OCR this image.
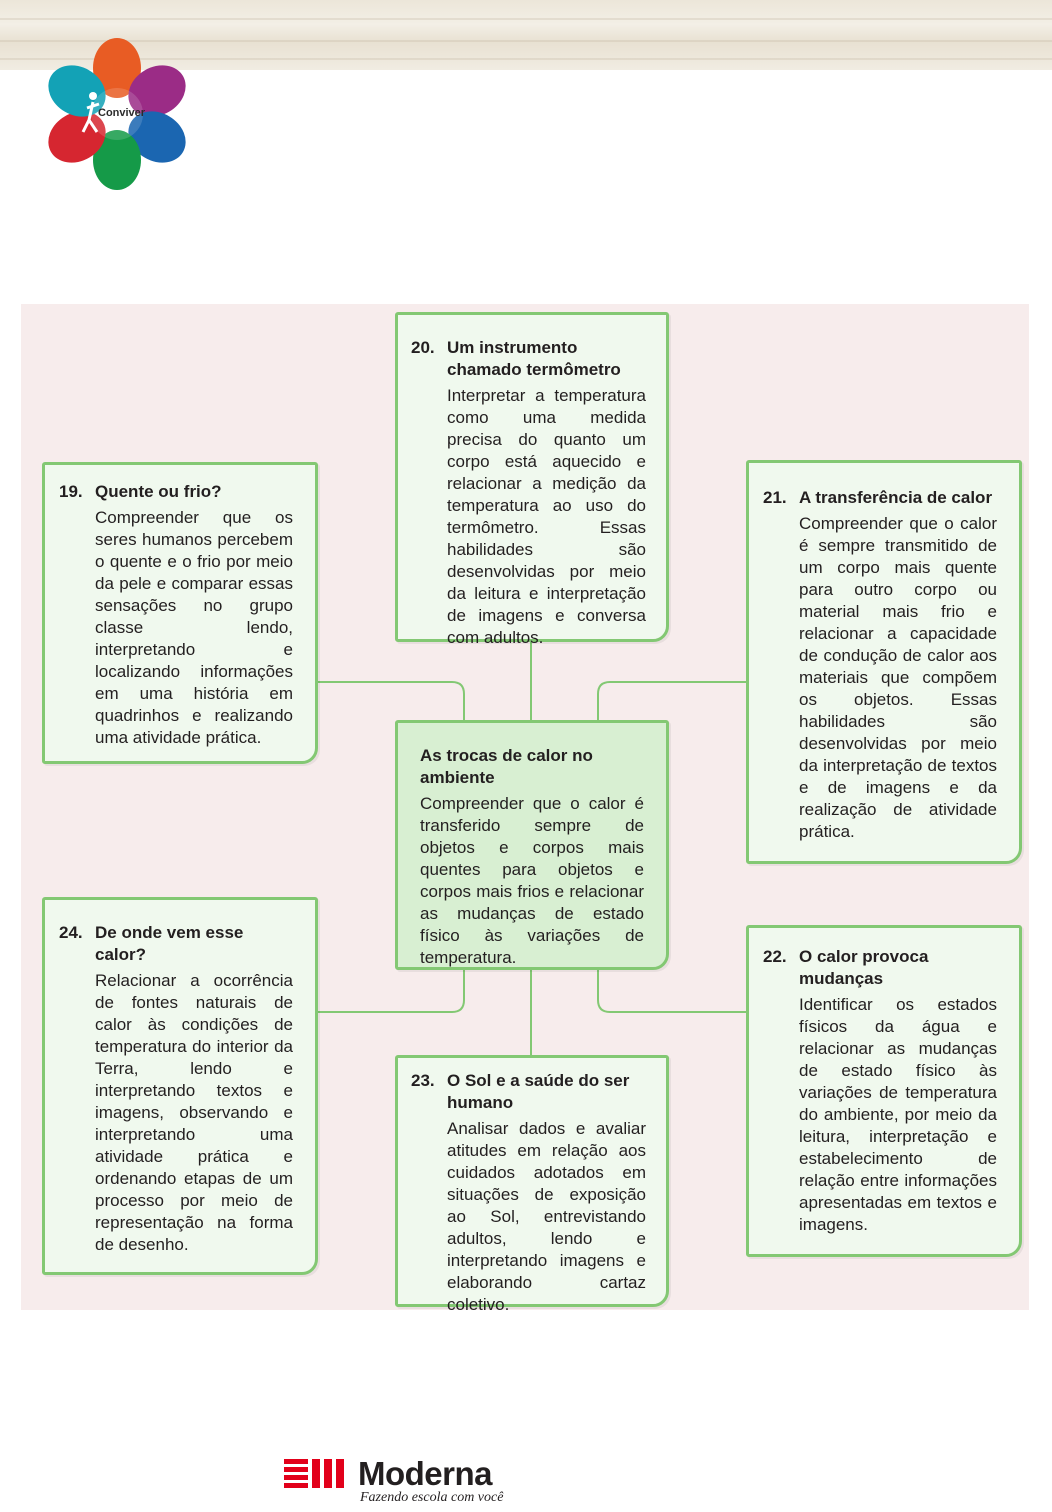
Conviver
20. Um instrumento chamado termômetro
Interpretar a temperatura como uma medida precisa do quanto um corpo está aquecido e relacionar a medição da temperatura ao uso do termômetro. Essas habilidades são desenvolvidas por meio da leitura e interpretação de imagens e conversa com adultos.
19. Quente ou frio?
Compreender que os seres humanos percebem o quente e o frio por meio da pele e comparar essas sensações no grupo classe lendo, interpretando e localizando informações em uma história em quadrinhos e realizando uma atividade prática.
21. A transferência de calor
Compreender que o calor é sempre transmitido de um corpo mais quente para outro corpo ou material mais frio e relacionar a capacidade de condução de calor aos materiais que compõem os objetos. Essas habilidades são desenvolvidas por meio da interpretação de textos e de imagens e da realização de atividade prática.
As trocas de calor no ambiente
Compreender que o calor é transferido sempre de objetos e corpos mais quentes para objetos e corpos mais frios e relacionar as mudanças de estado físico às variações de temperatura.
24. De onde vem esse calor?
Relacionar a ocorrência de fontes naturais de calor às condições de temperatura do interior da Terra, lendo e interpretando textos e imagens, observando e interpretando uma atividade prática e ordenando etapas de um processo por meio de representação na forma de desenho.
22. O calor provoca mudanças
Identificar os estados físicos da água e relacionar as mudanças de estado físico às variações de temperatura do ambiente, por meio da leitura, interpretação e estabelecimento de relação entre informações apresentadas em textos e imagens.
23. O Sol e a saúde do ser humano
Analisar dados e avaliar atitudes em relação aos cuidados adotados em situações de exposição ao Sol, entrevistando adultos, lendo e interpretando imagens e elaborando cartaz coletivo.
Moderna
Fazendo escola com você
